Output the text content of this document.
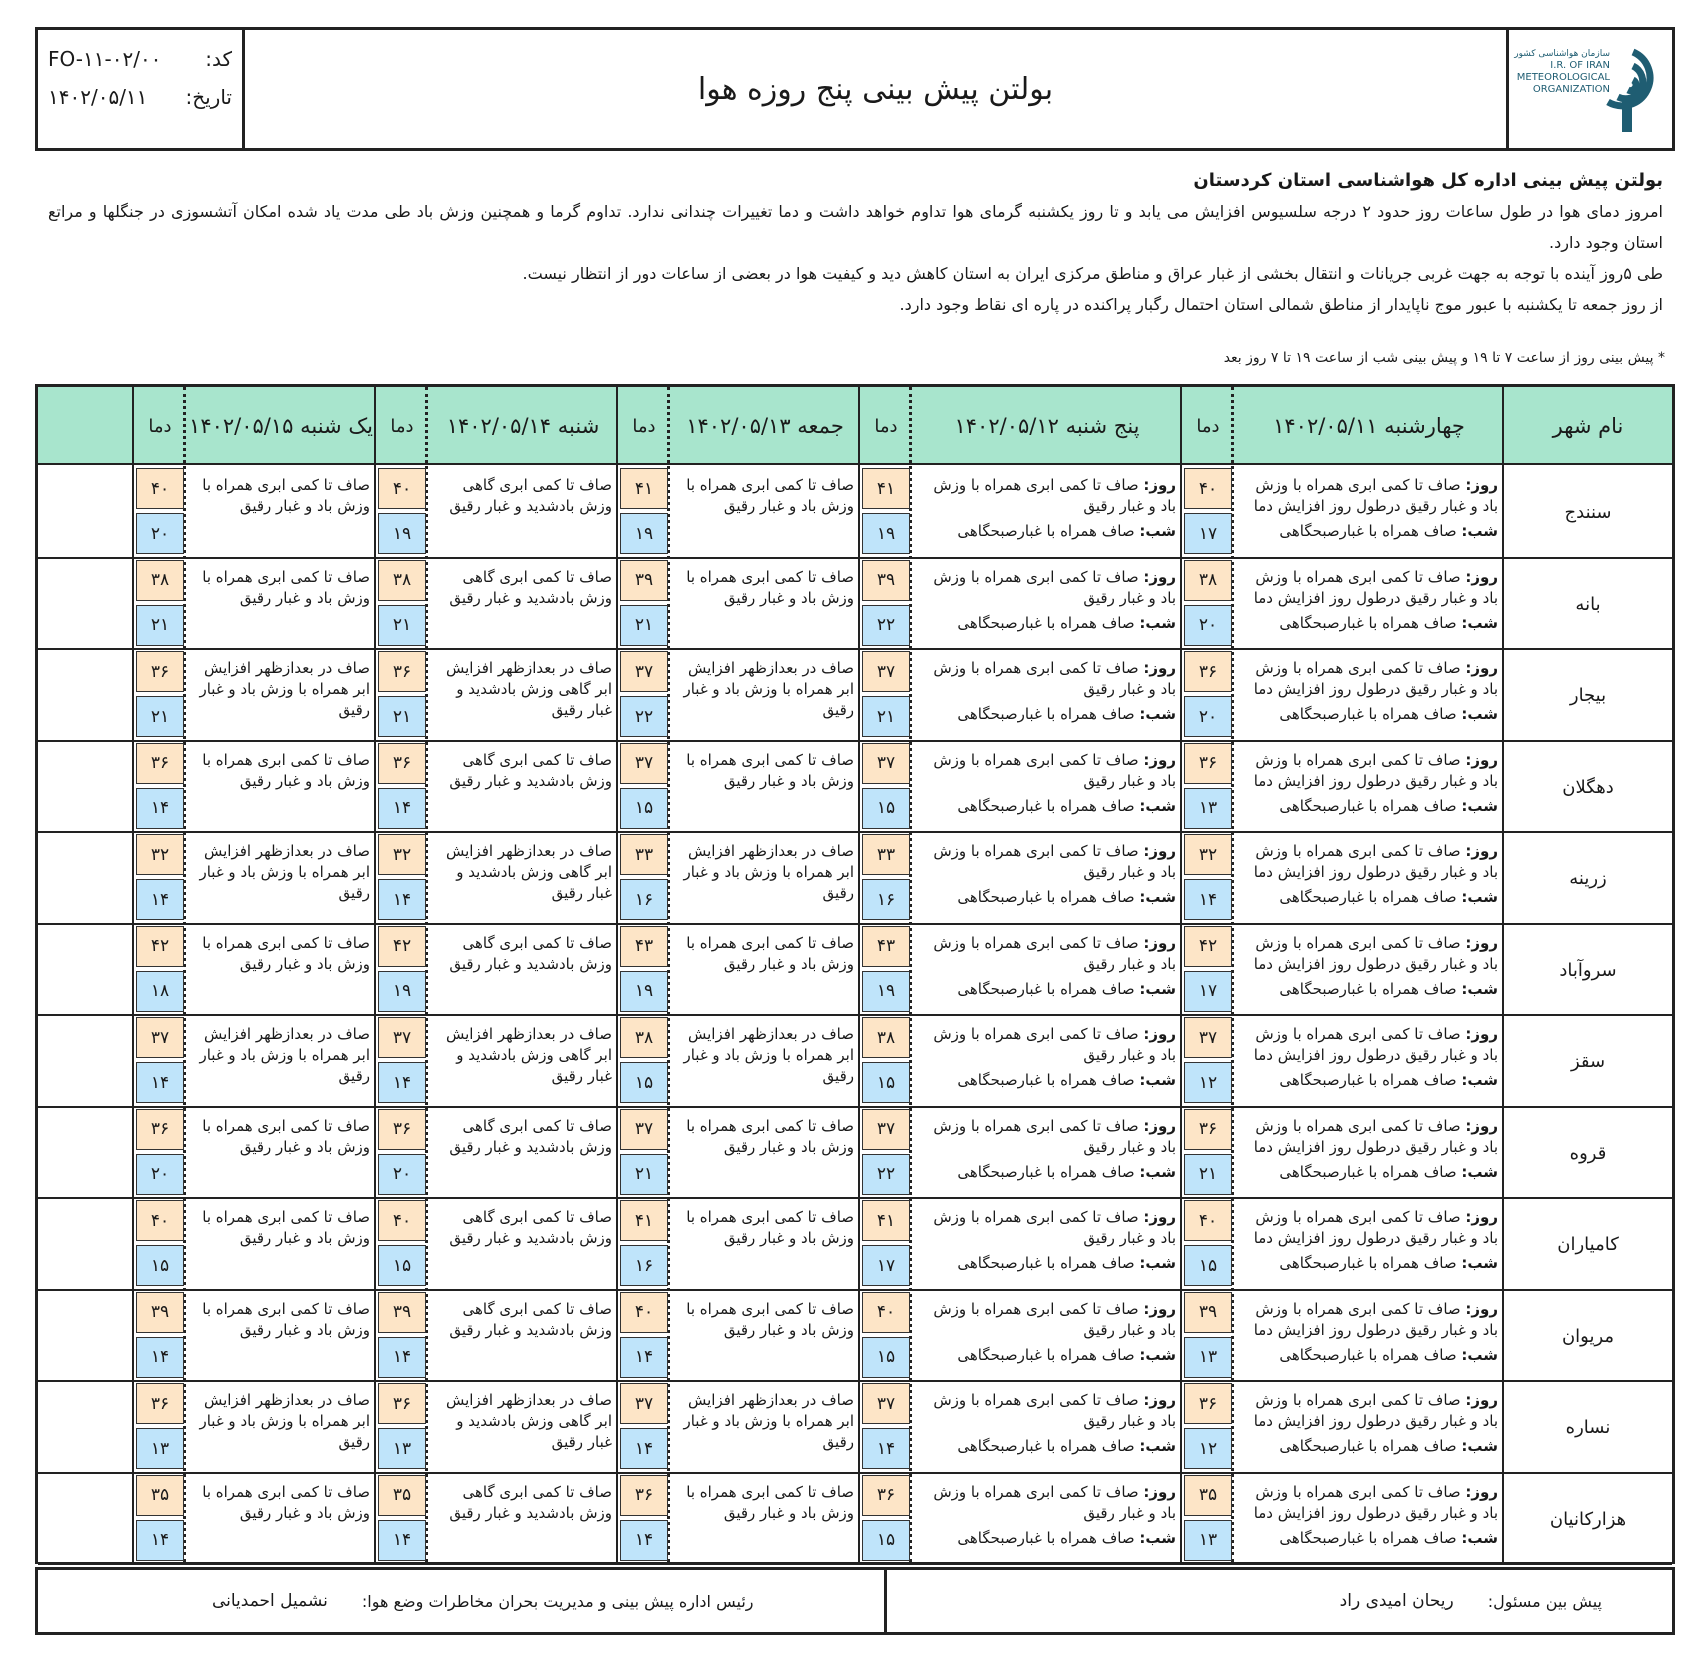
سازمان هواشناسی کشور
I.R. OF IRAN
METEOROLOGICAL
ORGANIZATION
بولتن پیش بینی پنج روزه هوا
کد:
FO-۱۱-۰۲/۰۰
تاریخ:
۱۴۰۲/۰۵/۱۱
بولتن پیش بینی اداره کل هواشناسی استان کردستان
امروز دمای هوا در طول ساعات روز حدود ۲ درجه سلسیوس افزایش می یابد و تا روز یکشنبه گرمای هوا تداوم خواهد داشت و دما تغییرات چندانی ندارد. تداوم گرما و همچنین وزش باد طی مدت یاد شده امکان آتشسوزی در جنگلها و مراتع استان وجود دارد.
طی ۵روز آینده با توجه به جهت غربی جریانات و انتقال بخشی از غبار عراق و مناطق مرکزی ایران به استان کاهش دید و کیفیت هوا در بعضی از ساعات دور از انتظار نیست.
از روز جمعه تا یکشنبه با عبور موج ناپایدار از مناطق شمالی استان احتمال رگبار پراکنده در پاره ای نقاط وجود دارد.
* پیش بینی روز از ساعت ۷ تا ۱۹ و پیش بینی شب از ساعت ۱۹ تا ۷ روز بعد
نام شهر
چهارشنبه ۱۴۰۲/۰۵/۱۱
دما
پنج شنبه ۱۴۰۲/۰۵/۱۲
دما
جمعه ۱۴۰۲/۰۵/۱۳
دما
شنبه ۱۴۰۲/۰۵/۱۴
دما
یک شنبه ۱۴۰۲/۰۵/۱۵
دما
سنندج
روز: صاف تا کمی ابری همراه با وزش باد و غبار رقیق درطول روز افزایش دما
شب: صاف همراه با غبارصبحگاهی
۴۰
۱۷
روز: صاف تا کمی ابری همراه با وزش باد و غبار رقیق
شب: صاف همراه با غبارصبحگاهی
۴۱
۱۹
صاف تا کمی ابری همراه با وزش باد و غبار رقیق
۴۱
۱۹
صاف تا کمی ابری گاهی وزش بادشدید و غبار رقیق
۴۰
۱۹
صاف تا کمی ابری همراه با وزش باد و غبار رقیق
۴۰
۲۰
بانه
روز: صاف تا کمی ابری همراه با وزش باد و غبار رقیق درطول روز افزایش دما
شب: صاف همراه با غبارصبحگاهی
۳۸
۲۰
روز: صاف تا کمی ابری همراه با وزش باد و غبار رقیق
شب: صاف همراه با غبارصبحگاهی
۳۹
۲۲
صاف تا کمی ابری همراه با وزش باد و غبار رقیق
۳۹
۲۱
صاف تا کمی ابری گاهی وزش بادشدید و غبار رقیق
۳۸
۲۱
صاف تا کمی ابری همراه با وزش باد و غبار رقیق
۳۸
۲۱
بیجار
روز: صاف تا کمی ابری همراه با وزش باد و غبار رقیق درطول روز افزایش دما
شب: صاف همراه با غبارصبحگاهی
۳۶
۲۰
روز: صاف تا کمی ابری همراه با وزش باد و غبار رقیق
شب: صاف همراه با غبارصبحگاهی
۳۷
۲۱
صاف در بعدازظهر افزایش ابر همراه با وزش باد و غبار رقیق
۳۷
۲۲
صاف در بعدازظهر افزایش ابر گاهی وزش بادشدید و غبار رقیق
۳۶
۲۱
صاف در بعدازظهر افزایش ابر همراه با وزش باد و غبار رقیق
۳۶
۲۱
دهگلان
روز: صاف تا کمی ابری همراه با وزش باد و غبار رقیق درطول روز افزایش دما
شب: صاف همراه با غبارصبحگاهی
۳۶
۱۳
روز: صاف تا کمی ابری همراه با وزش باد و غبار رقیق
شب: صاف همراه با غبارصبحگاهی
۳۷
۱۵
صاف تا کمی ابری همراه با وزش باد و غبار رقیق
۳۷
۱۵
صاف تا کمی ابری گاهی وزش بادشدید و غبار رقیق
۳۶
۱۴
صاف تا کمی ابری همراه با وزش باد و غبار رقیق
۳۶
۱۴
زرینه
روز: صاف تا کمی ابری همراه با وزش باد و غبار رقیق درطول روز افزایش دما
شب: صاف همراه با غبارصبحگاهی
۳۲
۱۴
روز: صاف تا کمی ابری همراه با وزش باد و غبار رقیق
شب: صاف همراه با غبارصبحگاهی
۳۳
۱۶
صاف در بعدازظهر افزایش ابر همراه با وزش باد و غبار رقیق
۳۳
۱۶
صاف در بعدازظهر افزایش ابر گاهی وزش بادشدید و غبار رقیق
۳۲
۱۴
صاف در بعدازظهر افزایش ابر همراه با وزش باد و غبار رقیق
۳۲
۱۴
سروآباد
روز: صاف تا کمی ابری همراه با وزش باد و غبار رقیق درطول روز افزایش دما
شب: صاف همراه با غبارصبحگاهی
۴۲
۱۷
روز: صاف تا کمی ابری همراه با وزش باد و غبار رقیق
شب: صاف همراه با غبارصبحگاهی
۴۳
۱۹
صاف تا کمی ابری همراه با وزش باد و غبار رقیق
۴۳
۱۹
صاف تا کمی ابری گاهی وزش بادشدید و غبار رقیق
۴۲
۱۹
صاف تا کمی ابری همراه با وزش باد و غبار رقیق
۴۲
۱۸
سقز
روز: صاف تا کمی ابری همراه با وزش باد و غبار رقیق درطول روز افزایش دما
شب: صاف همراه با غبارصبحگاهی
۳۷
۱۲
روز: صاف تا کمی ابری همراه با وزش باد و غبار رقیق
شب: صاف همراه با غبارصبحگاهی
۳۸
۱۵
صاف در بعدازظهر افزایش ابر همراه با وزش باد و غبار رقیق
۳۸
۱۵
صاف در بعدازظهر افزایش ابر گاهی وزش بادشدید و غبار رقیق
۳۷
۱۴
صاف در بعدازظهر افزایش ابر همراه با وزش باد و غبار رقیق
۳۷
۱۴
قروه
روز: صاف تا کمی ابری همراه با وزش باد و غبار رقیق درطول روز افزایش دما
شب: صاف همراه با غبارصبحگاهی
۳۶
۲۱
روز: صاف تا کمی ابری همراه با وزش باد و غبار رقیق
شب: صاف همراه با غبارصبحگاهی
۳۷
۲۲
صاف تا کمی ابری همراه با وزش باد و غبار رقیق
۳۷
۲۱
صاف تا کمی ابری گاهی وزش بادشدید و غبار رقیق
۳۶
۲۰
صاف تا کمی ابری همراه با وزش باد و غبار رقیق
۳۶
۲۰
کامیاران
روز: صاف تا کمی ابری همراه با وزش باد و غبار رقیق درطول روز افزایش دما
شب: صاف همراه با غبارصبحگاهی
۴۰
۱۵
روز: صاف تا کمی ابری همراه با وزش باد و غبار رقیق
شب: صاف همراه با غبارصبحگاهی
۴۱
۱۷
صاف تا کمی ابری همراه با وزش باد و غبار رقیق
۴۱
۱۶
صاف تا کمی ابری گاهی وزش بادشدید و غبار رقیق
۴۰
۱۵
صاف تا کمی ابری همراه با وزش باد و غبار رقیق
۴۰
۱۵
مریوان
روز: صاف تا کمی ابری همراه با وزش باد و غبار رقیق درطول روز افزایش دما
شب: صاف همراه با غبارصبحگاهی
۳۹
۱۳
روز: صاف تا کمی ابری همراه با وزش باد و غبار رقیق
شب: صاف همراه با غبارصبحگاهی
۴۰
۱۵
صاف تا کمی ابری همراه با وزش باد و غبار رقیق
۴۰
۱۴
صاف تا کمی ابری گاهی وزش بادشدید و غبار رقیق
۳۹
۱۴
صاف تا کمی ابری همراه با وزش باد و غبار رقیق
۳۹
۱۴
نساره
روز: صاف تا کمی ابری همراه با وزش باد و غبار رقیق درطول روز افزایش دما
شب: صاف همراه با غبارصبحگاهی
۳۶
۱۲
روز: صاف تا کمی ابری همراه با وزش باد و غبار رقیق
شب: صاف همراه با غبارصبحگاهی
۳۷
۱۴
صاف در بعدازظهر افزایش ابر همراه با وزش باد و غبار رقیق
۳۷
۱۴
صاف در بعدازظهر افزایش ابر گاهی وزش بادشدید و غبار رقیق
۳۶
۱۳
صاف در بعدازظهر افزایش ابر همراه با وزش باد و غبار رقیق
۳۶
۱۳
هزارکانیان
روز: صاف تا کمی ابری همراه با وزش باد و غبار رقیق درطول روز افزایش دما
شب: صاف همراه با غبارصبحگاهی
۳۵
۱۳
روز: صاف تا کمی ابری همراه با وزش باد و غبار رقیق
شب: صاف همراه با غبارصبحگاهی
۳۶
۱۵
صاف تا کمی ابری همراه با وزش باد و غبار رقیق
۳۶
۱۴
صاف تا کمی ابری گاهی وزش بادشدید و غبار رقیق
۳۵
۱۴
صاف تا کمی ابری همراه با وزش باد و غبار رقیق
۳۵
۱۴
پیش بین مسئول:
ریحان امیدی راد
رئیس اداره پیش بینی و مدیریت بحران مخاطرات وضع هوا:
نشمیل احمدیانی
